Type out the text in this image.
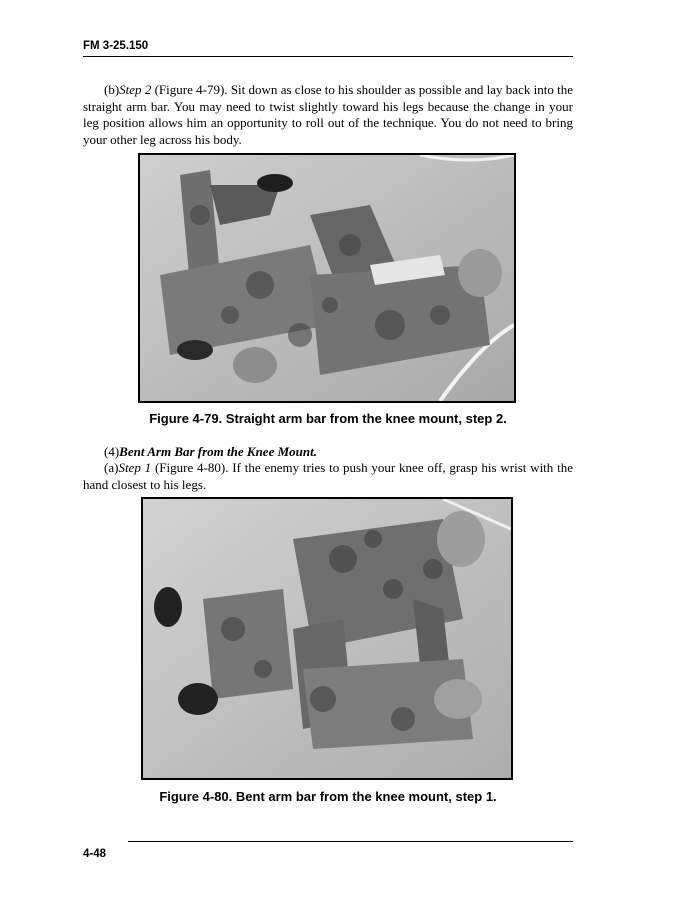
FM 3-25.150

(b)Step 2 (Figure 4-79). Sit down as close to his shoulder as possible and lay back into the straight arm bar. You may need to twist slightly toward his legs because the change in your leg position allows him an opportunity to roll out of the technique. You do not need to bring your other leg across his body.

Figure 4-79. Straight arm bar from the knee mount, step 2.

(4)Bent Arm Bar from the Knee Mount.

(a)Step 1 (Figure 4-80). If the enemy tries to push your knee off, grasp his wrist with the hand closest to his legs.

Figure 4-80. Bent arm bar from the knee mount, step 1.

4-48
